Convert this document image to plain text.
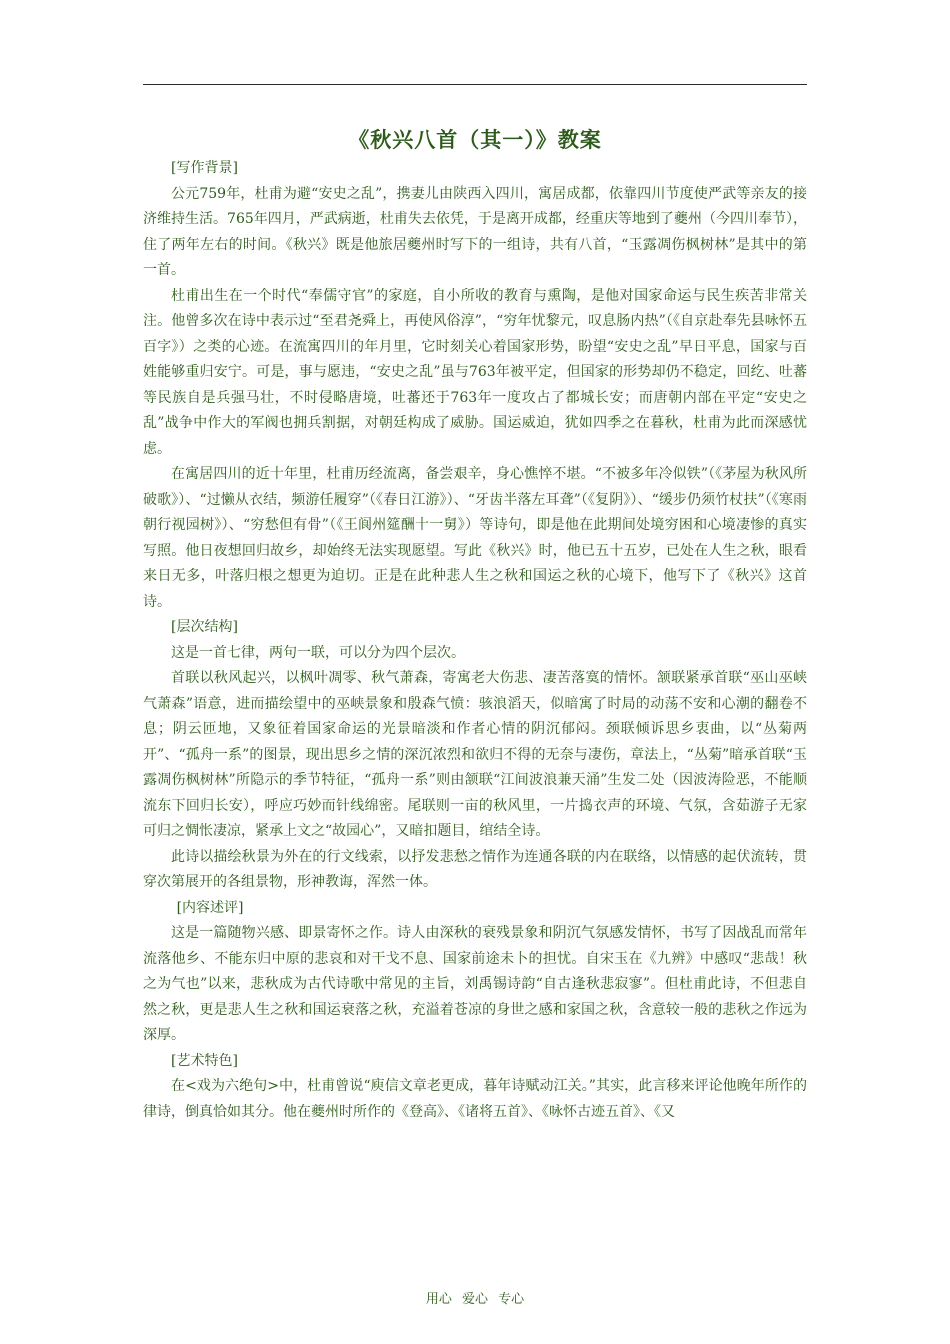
《秋兴八首（其一）》教案

[写作背景]

公元759年，杜甫为避“安史之乱”，携妻儿由陕西入四川，寓居成都，依靠四川节度使严武等亲友的接济维持生活。765年四月，严武病逝，杜甫失去依凭，于是离开成都，经重庆等地到了夔州（今四川奉节），住了两年左右的时间。《秋兴》既是他旅居夔州时写下的一组诗，共有八首，“玉露凋伤枫树林”是其中的第一首。

杜甫出生在一个时代“奉儒守官”的家庭，自小所收的教育与熏陶，是他对国家命运与民生疾苦非常关注。他曾多次在诗中表示过“至君尧舜上，再使风俗淳”，“穷年忧黎元，叹息肠内热”（《自京赴奉先县咏怀五百字》）之类的心迹。在流寓四川的年月里，它时刻关心着国家形势，盼望“安史之乱”早日平息，国家与百姓能够重归安宁。可是，事与愿违，“安史之乱”虽与763年被平定，但国家的形势却仍不稳定，回纥、吐蕃等民族自是兵强马壮，不时侵略唐境，吐蕃还于763年一度攻占了都城长安；而唐朝内部在平定“安史之乱”战争中作大的军阀也拥兵割据，对朝廷构成了威胁。国运威迫，犹如四季之在暮秋，杜甫为此而深感忧虑。

在寓居四川的近十年里，杜甫历经流离，备尝艰辛，身心憔悴不堪。“不被多年冷似铁”（《茅屋为秋风所破歌》）、“过懒从衣结，频游任履穿”（《春日江游》）、“牙齿半落左耳聋”（《复阴》）、“缓步仍须竹杖扶”（《寒雨朝行视园树》）、“穷愁但有骨”（《王阆州筵酬十一舅》）等诗句，即是他在此期间处境穷困和心境凄惨的真实写照。他日夜想回归故乡，却始终无法实现愿望。写此《秋兴》时，他已五十五岁，已处在人生之秋，眼看来日无多，叶落归根之想更为迫切。正是在此种悲人生之秋和国运之秋的心境下，他写下了《秋兴》这首诗。

[层次结构]

这是一首七律，两句一联，可以分为四个层次。

首联以秋风起兴，以枫叶凋零、秋气萧森，寄寓老大伤悲、凄苦落寞的情怀。颔联紧承首联“巫山巫峡气萧森”语意，进而描绘望中的巫峡景象和殷森气愤：骇浪滔天，似暗寓了时局的动荡不安和心潮的翻卷不息；阴云匝地，又象征着国家命运的光景暗淡和作者心情的阴沉郁闷。颈联倾诉思乡衷曲，以“丛菊两开”、“孤舟一系”的图景，现出思乡之情的深沉浓烈和欲归不得的无奈与凄伤，章法上，“丛菊”暗承首联“玉露凋伤枫树林”所隐示的季节特征，“孤舟一系”则由颔联“江间波浪兼天涌”生发二处（因波涛险恶，不能顺流东下回归长安），呼应巧妙而针线绵密。尾联则一亩的秋风里，一片捣衣声的环境、气氛，含茹游子无家可归之惆怅凄凉，紧承上文之“故园心”，又暗扣题目，绾结全诗。

此诗以描绘秋景为外在的行文线索，以抒发悲愁之情作为连通各联的内在联络，以情感的起伏流转，贯穿次第展开的各组景物，形神教诲，浑然一体。

[内容述评]

这是一篇随物兴感、即景寄怀之作。诗人由深秋的衰残景象和阴沉气氛感发情怀，书写了因战乱而常年流落他乡、不能东归中原的悲哀和对干戈不息、国家前途未卜的担忧。自宋玉在《九辨》中感叹“悲哉！秋之为气也”以来，悲秋成为古代诗歌中常见的主旨，刘禹锡诗韵“自古逢秋悲寂寥”。但杜甫此诗，不但悲自然之秋，更是悲人生之秋和国运衰落之秋，充溢着苍凉的身世之感和家国之秋，含意较一般的悲秋之作远为深厚。

[艺术特色]

在<戏为六绝句>中，杜甫曾说“庾信文章老更成，暮年诗赋动江关。”其实，此言移来评论他晚年所作的律诗，倒真恰如其分。他在夔州时所作的《登高》、《诸将五首》、《咏怀古迹五首》、《又

用心 爱心 专心
